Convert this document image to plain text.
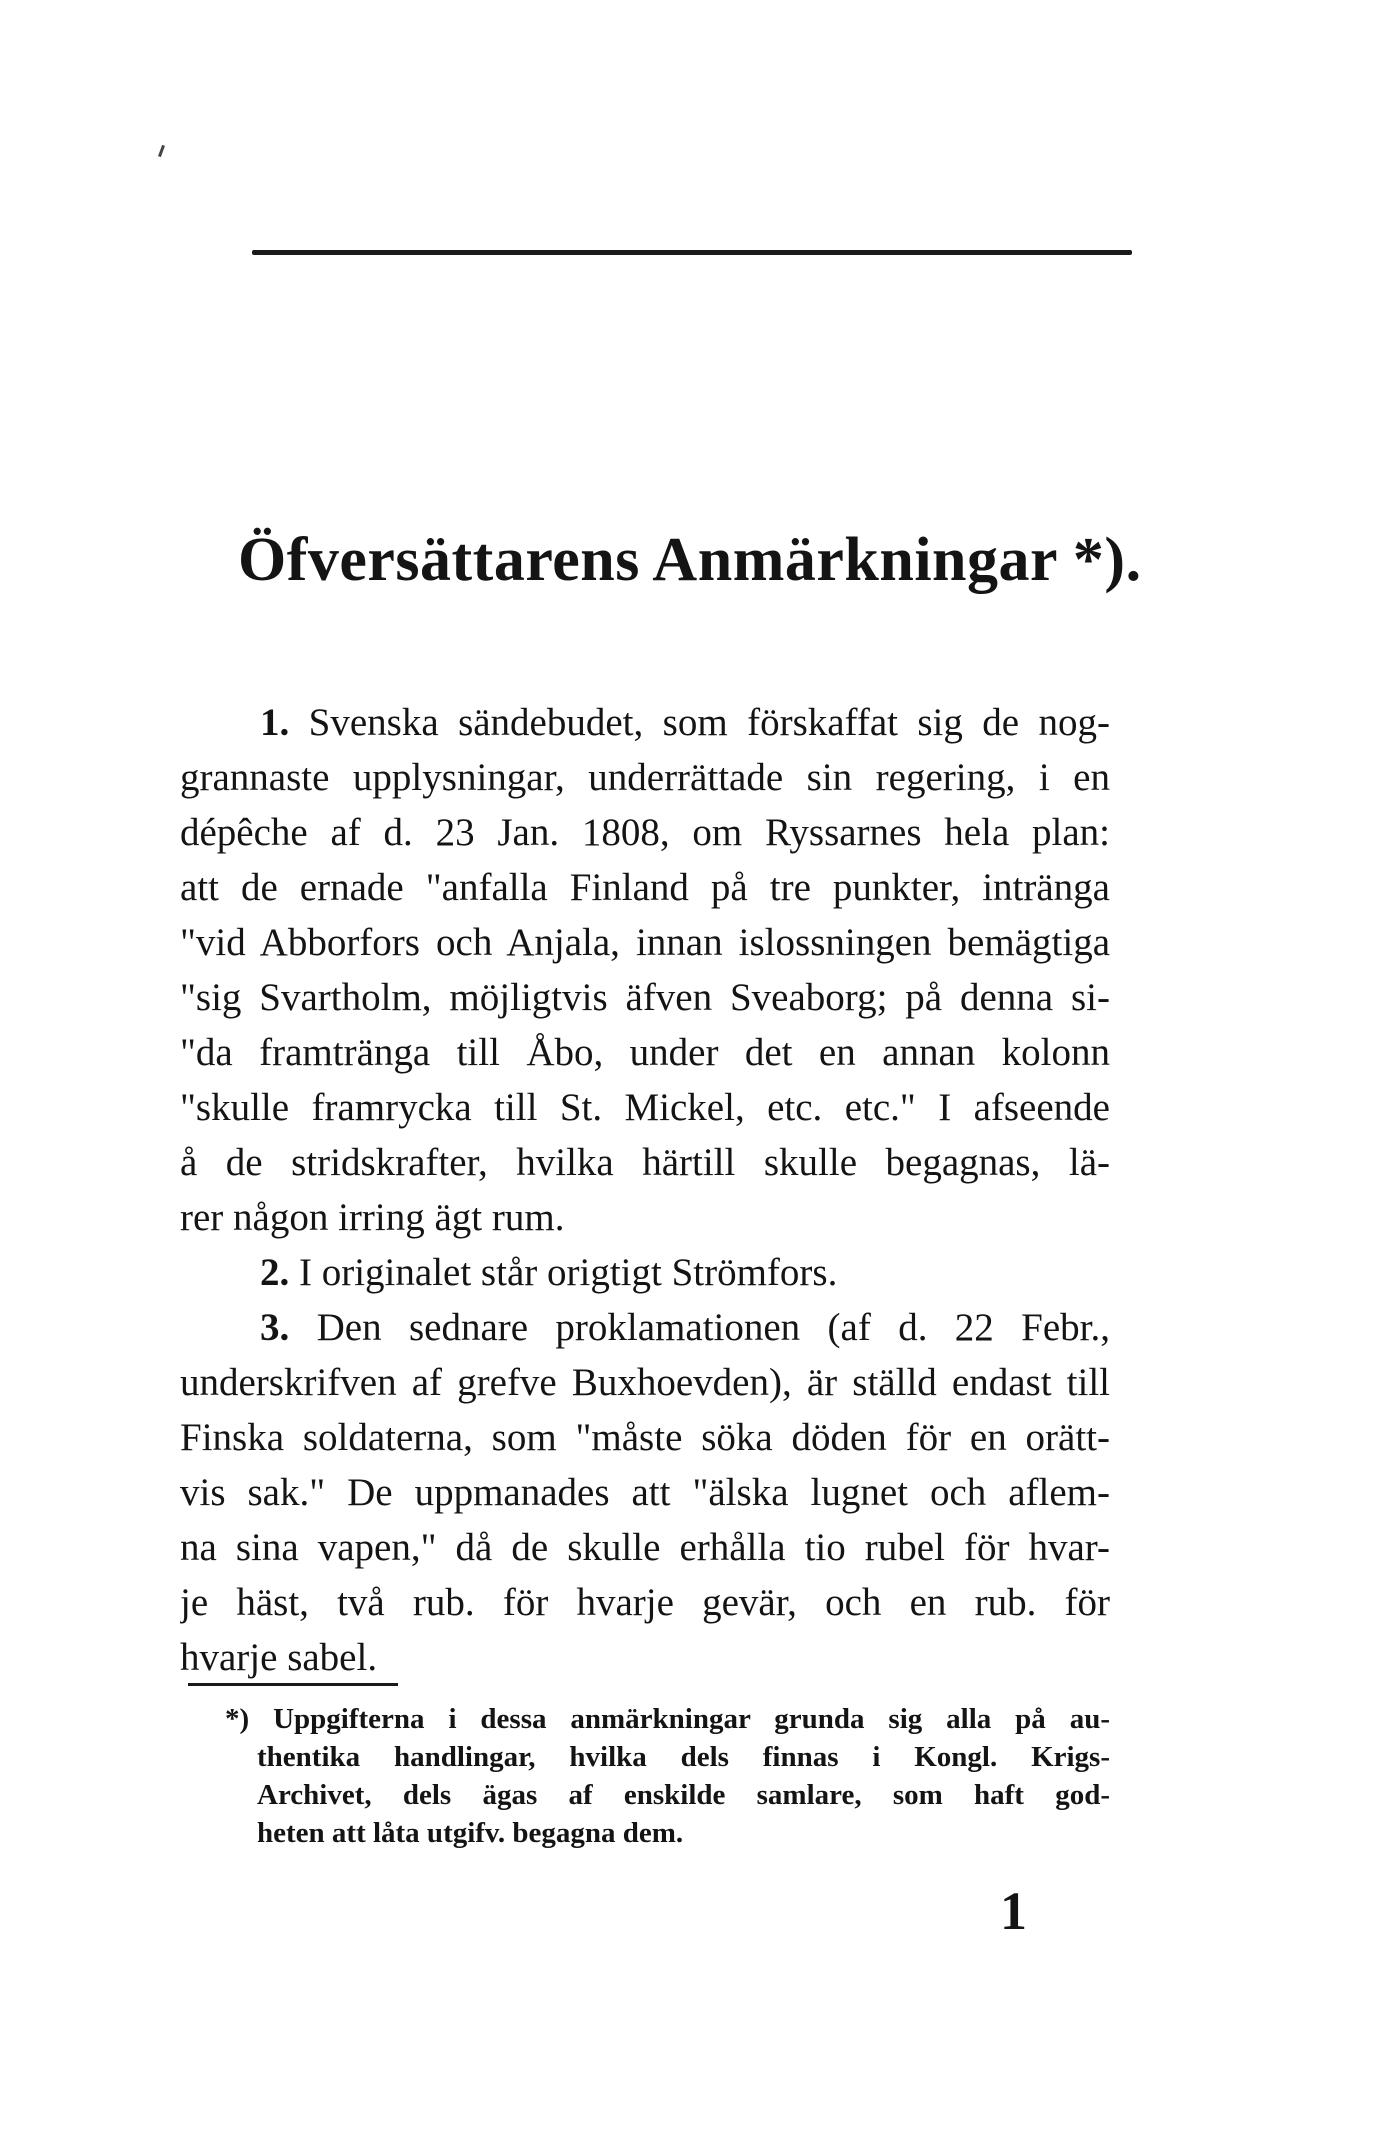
Öfversättarens Anmärkningar *).
1. Svenska sändebudet, som förskaffat sig de nog-
grannaste upplysningar, underrättade sin regering, i en
dépêche af d. 23 Jan. 1808, om Ryssarnes hela plan:
att de ernade "anfalla Finland på tre punkter, intränga
"vid Abborfors och Anjala, innan islossningen bemägtiga
"sig Svartholm, möjligtvis äfven Sveaborg; på denna si-
"da framtränga till Åbo, under det en annan kolonn
"skulle framrycka till St. Mickel, etc. etc." I afseende
å de stridskrafter, hvilka härtill skulle begagnas, lä-
rer någon irring ägt rum.
2. I originalet står origtigt Strömfors.
3. Den sednare proklamationen (af d. 22 Febr.,
underskrifven af grefve Buxhoevden), är ställd endast till
Finska soldaterna, som "måste söka döden för en orätt-
vis sak." De uppmanades att "älska lugnet och aflem-
na sina vapen," då de skulle erhålla tio rubel för hvar-
je häst, två rub. för hvarje gevär, och en rub. för
hvarje sabel.
*) Uppgifterna i dessa anmärkningar grunda sig alla på au-
thentika handlingar, hvilka dels finnas i Kongl. Krigs-
Archivet, dels ägas af enskilde samlare, som haft god-
heten att låta utgifv. begagna dem.
1
